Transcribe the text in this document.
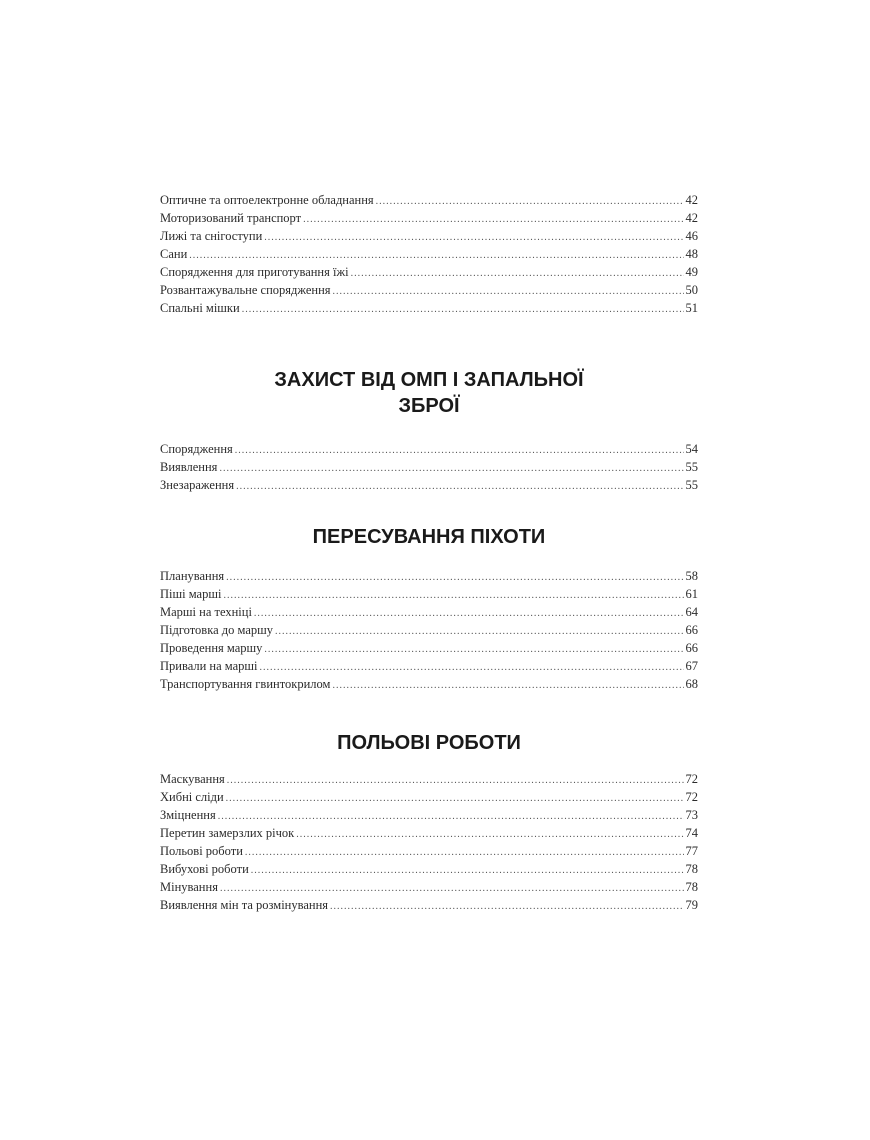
Оптичне та оптоелектронне обладнання .....	42
Моторизований транспорт .....	42
Лижі та снігоступи .....	46
Сани .....	48
Спорядження для приготування їжі .....	49
Розвантажувальне спорядження .....	50
Спальні мішки .....	51
ЗАХИСТ ВІД ОМП І ЗАПАЛЬНОЇ
ЗБРОЇ
Спорядження .....	54
Виявлення .....	55
Знезараження .....	55
ПЕРЕСУВАННЯ ПІХОТИ
Планування .....	58
Пішi марші .....	61
Марші на техніці .....	64
Підготовка до маршу .....	66
Проведення маршу .....	66
Привали на марші .....	67
Транспортування гвинтокрилом .....	68
ПОЛЬОВІ РОБОТИ
Маскування .....	72
Хибні сліди .....	72
Зміцнення .....	73
Перетин замерзлих річок .....	74
Польові роботи .....	77
Вибухові роботи .....	78
Мінування .....	78
Виявлення мін та розмінування .....	79
